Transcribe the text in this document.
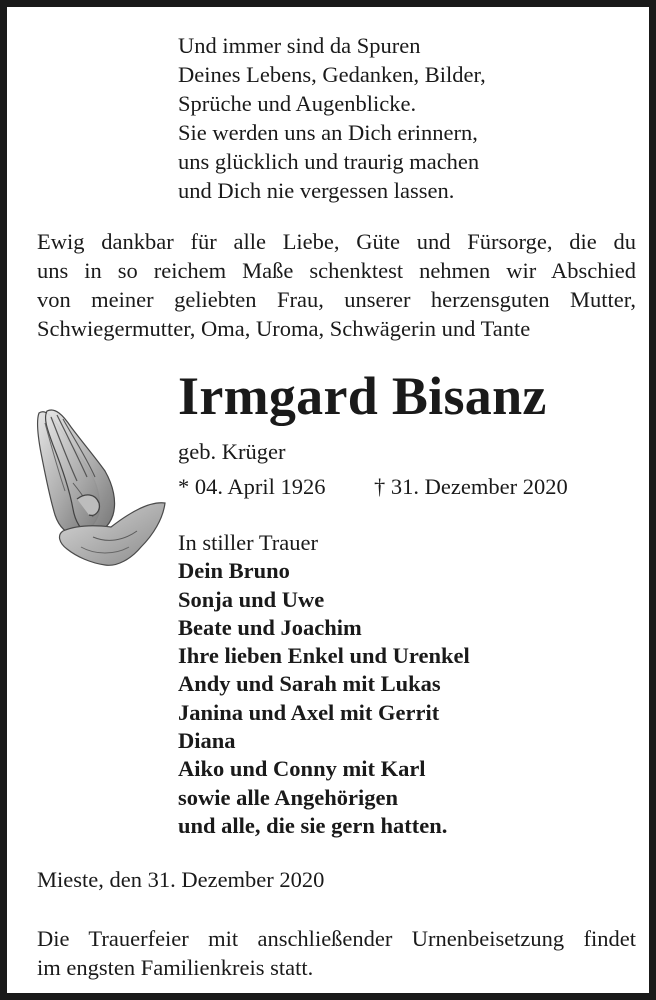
Und immer sind da Spuren
Deines Lebens, Gedanken, Bilder,
Sprüche und Augenblicke.
Sie werden uns an Dich erinnern,
uns glücklich und traurig machen
und Dich nie vergessen lassen.
Ewig dankbar für alle Liebe, Güte und Fürsorge, die du
uns in so reichem Maße schenktest nehmen wir Abschied
von meiner geliebten Frau, unserer herzensguten Mutter,
Schwiegermutter, Oma, Uroma, Schwägerin und Tante
Irmgard Bisanz
geb. Krüger
* 04. April 1926 † 31. Dezember 2020
In stiller Trauer
Dein Bruno
Sonja und Uwe
Beate und Joachim
Ihre lieben Enkel und Urenkel
Andy und Sarah mit Lukas
Janina und Axel mit Gerrit
Diana
Aiko und Conny mit Karl
sowie alle Angehörigen
und alle, die sie gern hatten.
Mieste, den 31. Dezember 2020
Die Trauerfeier mit anschließender Urnenbeisetzung findet
im engsten Familienkreis statt.
